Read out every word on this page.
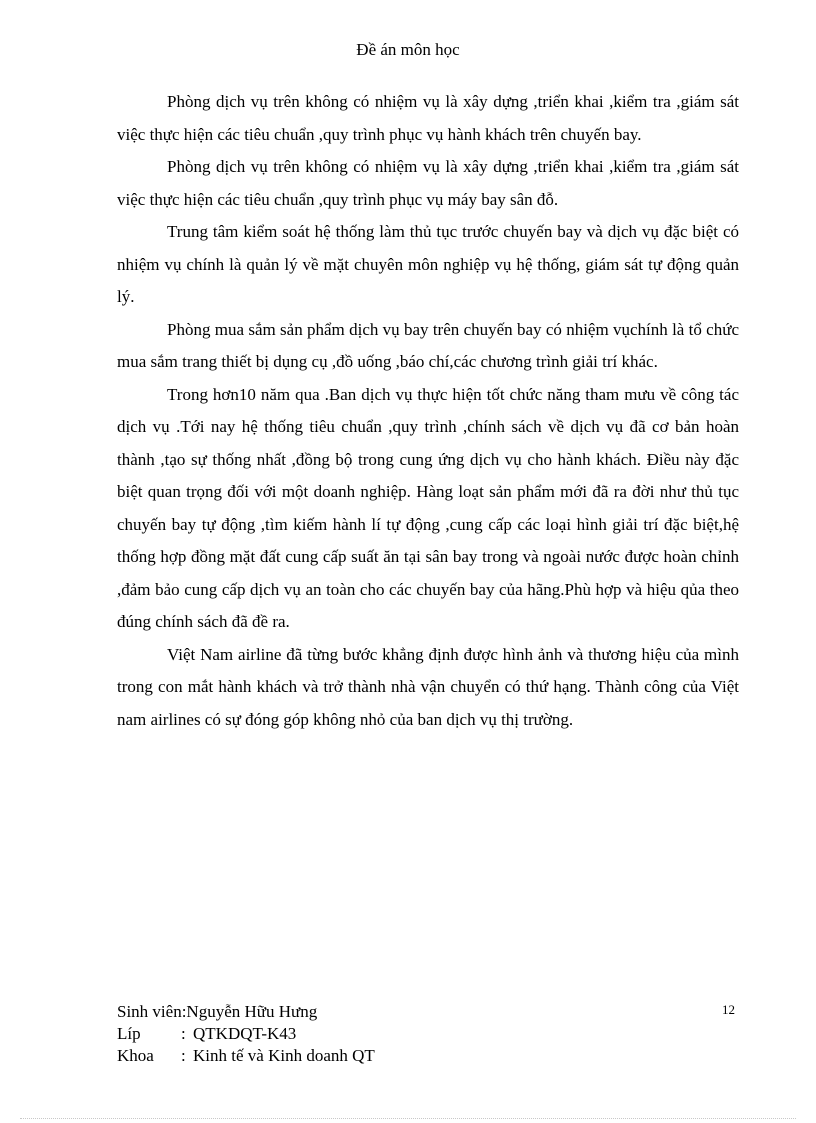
Đề án môn học

Phòng dịch vụ trên không có nhiệm vụ là xây dựng ,triển khai ,kiểm tra ,giám sát việc thực hiện các tiêu chuẩn ,quy trình phục vụ hành khách trên chuyến bay.

Phòng dịch vụ trên không có nhiệm vụ là xây dựng ,triển khai ,kiểm tra ,giám sát việc thực hiện các tiêu chuẩn ,quy trình phục vụ máy bay sân đỗ.

Trung tâm kiểm soát hệ thống làm thủ tục trước chuyến bay và dịch vụ đặc biệt có nhiệm vụ chính là quản lý về mặt chuyên môn nghiệp vụ hệ thống, giám sát tự động quản lý.

Phòng mua sắm sản phẩm dịch vụ bay trên chuyến bay có nhiệm vụchính là tổ chức mua sắm trang thiết bị dụng cụ ,đồ uống ,báo chí,các chương trình giải trí khác.

Trong hơn10 năm qua .Ban dịch vụ thực hiện tốt chức năng tham mưu về công tác dịch vụ .Tới nay hệ thống tiêu chuẩn ,quy trình ,chính sách về dịch vụ đã cơ bản hoàn thành ,tạo sự thống nhất ,đồng bộ trong cung ứng dịch vụ cho hành khách. Điều này đặc biệt quan trọng đối với một doanh nghiệp. Hàng loạt sản phẩm mới đã ra đời như thủ tục chuyến bay tự động ,tìm kiếm hành lí tự động ,cung cấp các loại hình giải trí đặc biệt,hệ thống hợp đồng mặt đất cung cấp suất ăn tại sân bay trong và ngoài nước được hoàn chỉnh ,đảm bảo cung cấp dịch vụ an toàn cho các chuyến bay của hãng.Phù hợp và hiệu qủa theo đúng chính sách đã đề ra.

Việt Nam airline đã từng bước khẳng định được hình ảnh và thương hiệu của mình trong con mắt hành khách và trở thành nhà vận chuyển có thứ hạng. Thành công của Việt nam airlines có sự đóng góp không nhỏ của ban dịch vụ thị trường.

Sinh viên:Nguyễn Hữu Hưng
Líp : QTKDQT-K43
Khoa : Kinh tế và Kinh doanh QT
12
